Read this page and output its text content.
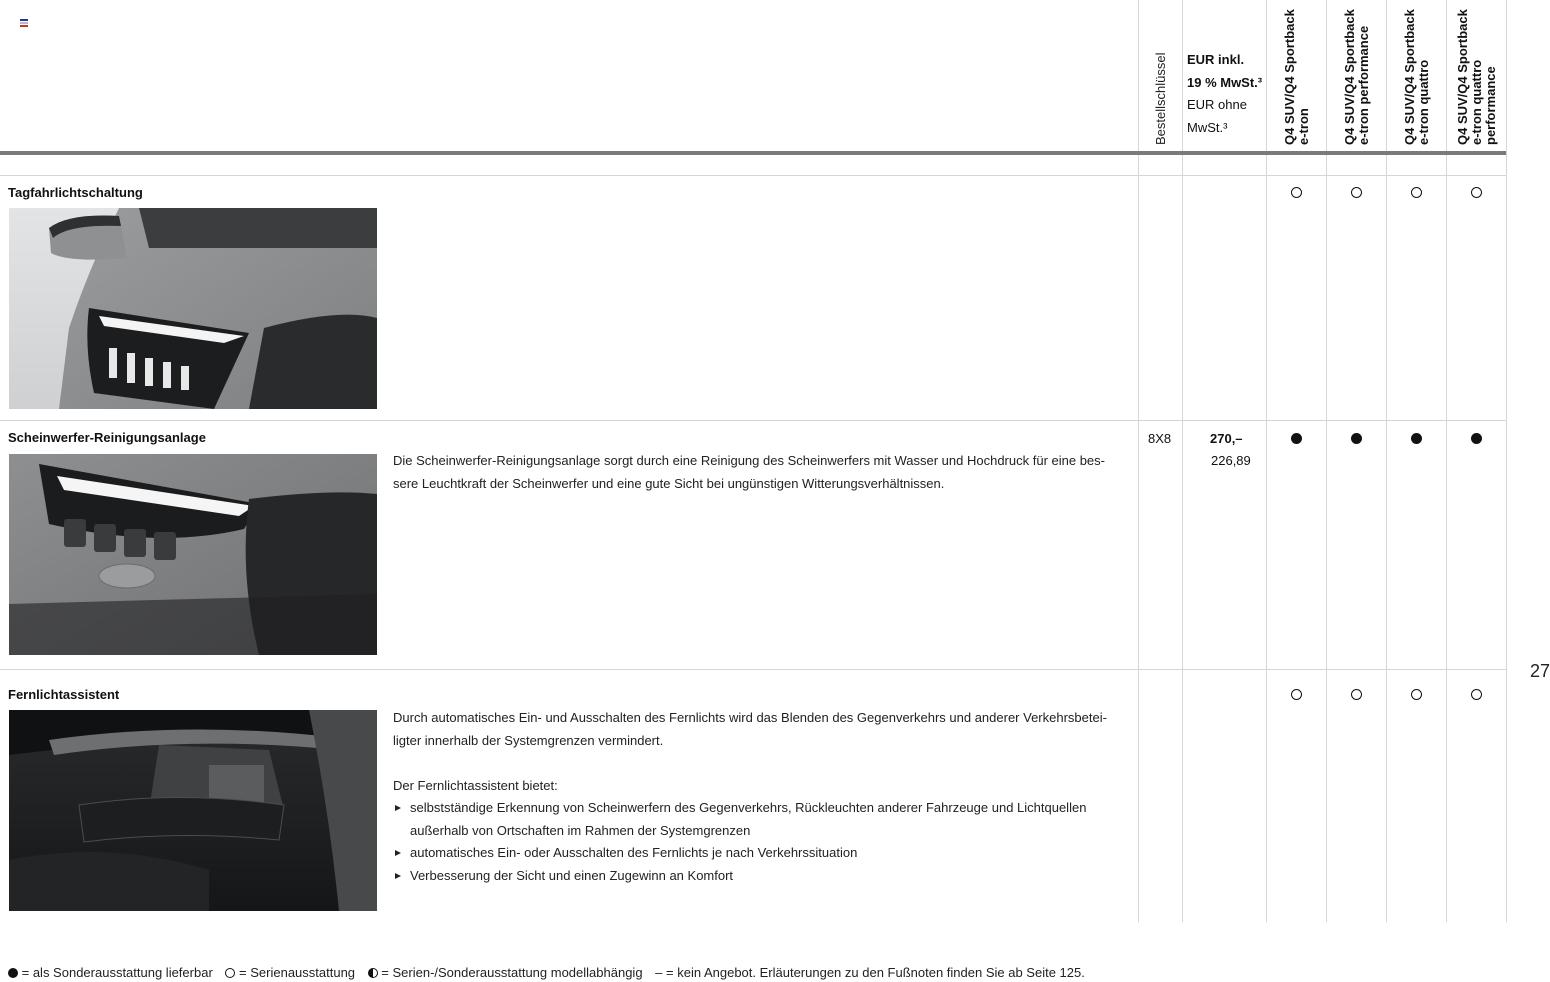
Bestellschlüssel EUR inkl.
19 % MwSt.³
EUR ohne
MwSt.³	Q4 SUV/Q4 Sportback e-tron Q4 SUV/Q4 Sportback e-tron performance Q4 SUV/Q4 Sportback e-tron quattro Q4 SUV/Q4 Sportback e-tron quattro performance
Tagfahrlichtschaltung
Scheinwerfer-Reinigungsanlage

Die Scheinwerfer-Reinigungsanlage sorgt durch eine Reinigung des Scheinwerfers mit Wasser und Hochdruck für eine bes-

sere Leuchtkraft der Scheinwerfer und eine gute Sicht bei ungünstigen Witterungsverhältnissen.

8X8	270,–
226,89
Fernlichtassistent

Durch automatisches Ein- und Ausschalten des Fernlichts wird das Blenden des Gegenverkehrs und anderer Verkehrsbetei-

ligter innerhalb der Systemgrenzen vermindert.

Der Fernlichtassistent bietet:

selbstständige Erkennung von Scheinwerfern des Gegenverkehrs, Rückleuchten anderer Fahrzeuge und Lichtquellen

außerhalb von Ortschaften im Rahmen der Systemgrenzen

automatisches Ein- oder Ausschalten des Fernlichts je nach Verkehrssituation

Verbesserung der Sicht und einen Zugewinn an Komfort

27
= als Sonderausstattung lieferbar = Serienausstattung = Serien-/Sonderausstattung modellabhängig – = kein Angebot. Erläuterungen zu den Fußnoten finden Sie ab Seite 125.
